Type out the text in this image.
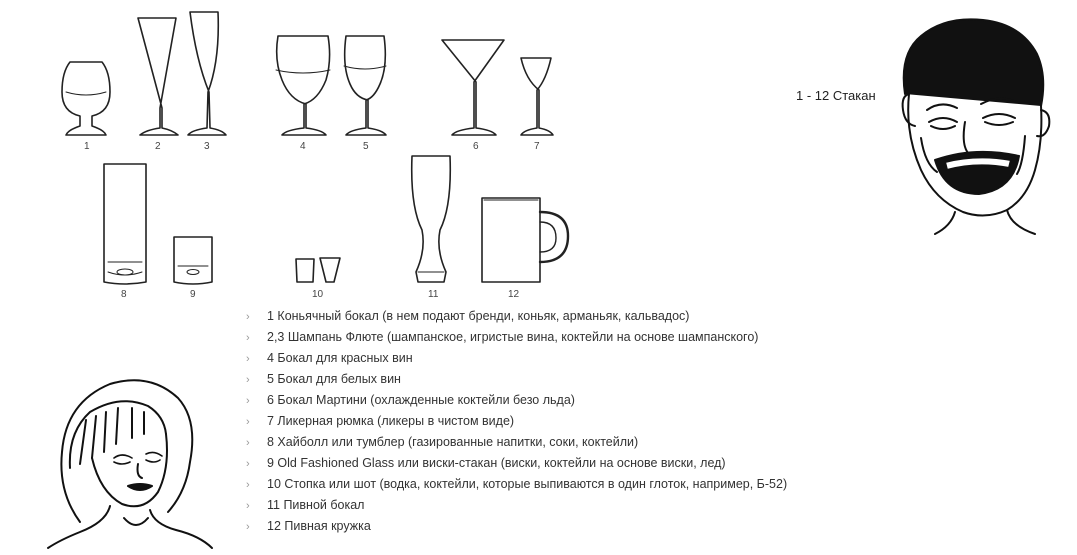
1	2	3	4	5	6	7
8	9	10	11	12
1 - 12 Стакан
› 1 Коньячный бокал (в нем подают бренди, коньяк, арманьяк, кальвадос)
› 2,3 Шампань Флюте (шампанское, игристые вина, коктейли на основе шампанского)
› 4 Бокал для красных вин
› 5 Бокал для белых вин
› 6 Бокал Мартини (охлажденные коктейли безо льда)
› 7 Ликерная рюмка (ликеры в чистом виде)
› 8 Хайболл или тумблер (газированные напитки, соки, коктейли)
› 9 Old Fashioned Glass или виски-стакан (виски, коктейли на основе виски, лед)
› 10 Стопка или шот (водка, коктейли, которые выпиваются в один глоток, например, Б-52)
› 11 Пивной бокал
› 12 Пивная кружка
